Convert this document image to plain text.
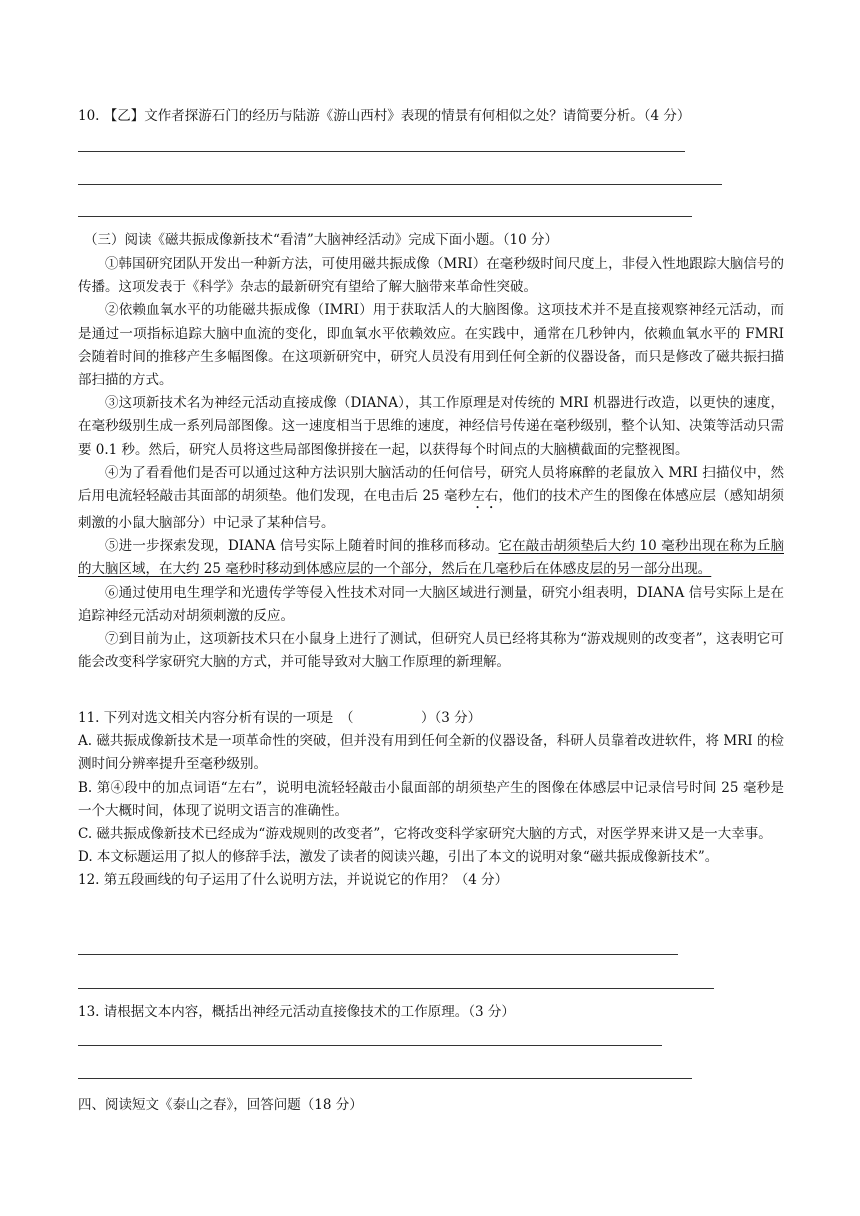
10. 【乙】文作者探游石门的经历与陆游《游山西村》表现的情景有何相似之处？请简要分析。（4 分）
（三）阅读《磁共振成像新技术“看清”大脑神经活动》完成下面小题。（10 分）

①韩国研究团队开发出一种新方法，可使用磁共振成像（MRI）在毫秒级时间尺度上，非侵入性地跟踪大脑信号的传播。这项发表于《科学》杂志的最新研究有望给了解大脑带来革命性突破。

②依赖血氧水平的功能磁共振成像（IMRI）用于获取活人的大脑图像。这项技术并不是直接观察神经元活动，而是通过一项指标追踪大脑中血流的变化，即血氧水平依赖效应。在实践中，通常在几秒钟内，依赖血氧水平的 FMRI 会随着时间的推移产生多幅图像。在这项新研究中，研究人员没有用到任何全新的仪器设备，而只是修改了磁共振扫描部扫描的方式。

③这项新技术名为神经元活动直接成像（DIANA），其工作原理是对传统的 MRI 机器进行改造，以更快的速度，在毫秒级别生成一系列局部图像。这一速度相当于思维的速度，神经信号传递在毫秒级别，整个认知、决策等活动只需要 0.1 秒。然后，研究人员将这些局部图像拼接在一起，以获得每个时间点的大脑横截面的完整视图。

④为了看看他们是否可以通过这种方法识别大脑活动的任何信号，研究人员将麻醉的老鼠放入 MRI 扫描仪中，然后用电流轻轻敲击其面部的胡须垫。他们发现，在电击后 25 毫秒左右，他们的技术产生的图像在体感应层（感知胡须刺激的小鼠大脑部分）中记录了某种信号。

⑤进一步探索发现，DIANA 信号实际上随着时间的推移而移动。它在敲击胡须垫后大约 10 毫秒出现在称为丘脑的大脑区域，在大约 25 毫秒时移动到体感应层的一个部分，然后在几毫秒后在体感皮层的另一部分出现。

⑥通过使用电生理学和光遗传学等侵入性技术对同一大脑区域进行测量，研究小组表明，DIANA 信号实际上是在追踪神经元活动对胡须刺激的反应。

⑦到目前为止，这项新技术只在小鼠身上进行了测试，但研究人员已经将其称为“游戏规则的改变者”，这表明它可能会改变科学家研究大脑的方式，并可能导致对大脑工作原理的新理解。

11. 下列对选文相关内容分析有误的一项是　（　　　　　）（3 分）

A. 磁共振成像新技术是一项革命性的突破，但并没有用到任何全新的仪器设备，科研人员靠着改进软件，将 MRI 的检测时间分辨率提升至毫秒级别。

B. 第④段中的加点词语“左右”，说明电流轻轻敲击小鼠面部的胡须垫产生的图像在体感层中记录信号时间 25 毫秒是一个大概时间，体现了说明文语言的准确性。

C. 磁共振成像新技术已经成为“游戏规则的改变者”，它将改变科学家研究大脑的方式，对医学界来讲又是一大幸事。

D. 本文标题运用了拟人的修辞手法，激发了读者的阅读兴趣，引出了本文的说明对象“磁共振成像新技术”。

12. 第五段画线的句子运用了什么说明方法，并说说它的作用？（4 分）

13. 请根据文本内容，概括出神经元活动直接像技术的工作原理。（3 分）
四、阅读短文《泰山之春》，回答问题（18 分）
